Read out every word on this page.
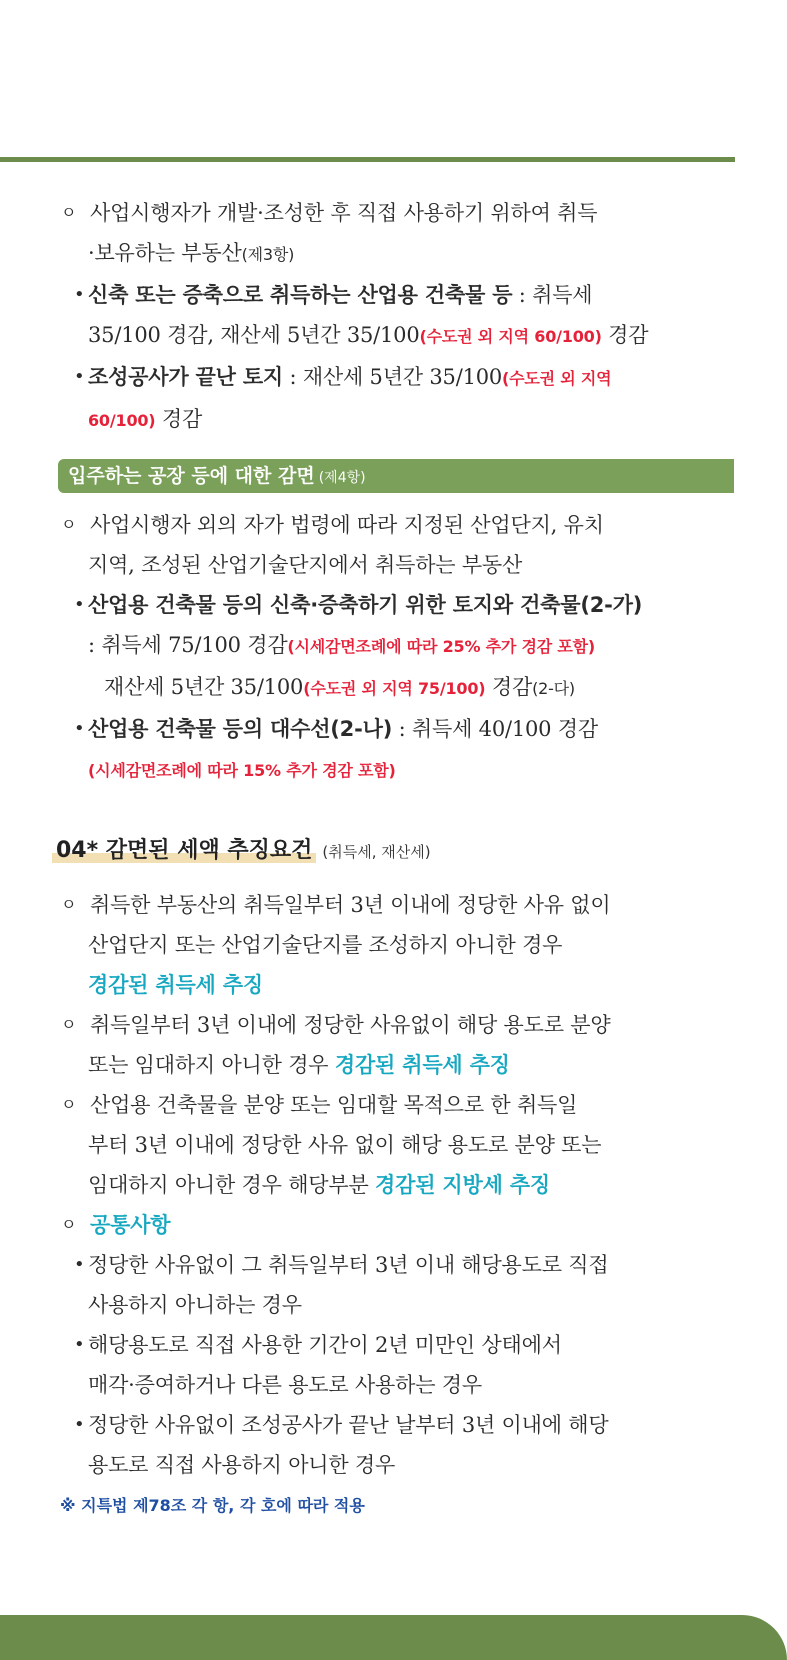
ㅇ 사업시행자가 개발·조성한 후 직접 사용하기 위하여 취득

·보유하는 부동산(제3항)

• 신축 또는 증축으로 취득하는 산업용 건축물 등 : 취득세

35/100 경감, 재산세 5년간 35/100(수도권 외 지역 60/100) 경감

• 조성공사가 끝난 토지 : 재산세 5년간 35/100(수도권 외 지역

60/100) 경감

입주하는 공장 등에 대한 감면 (제4항)

ㅇ 사업시행자 외의 자가 법령에 따라 지정된 산업단지, 유치

지역, 조성된 산업기술단지에서 취득하는 부동산

• 산업용 건축물 등의 신축·증축하기 위한 토지와 건축물(2-가)

: 취득세 75/100 경감(시세감면조례에 따라 25% 추가 경감 포함)

재산세 5년간 35/100(수도권 외 지역 75/100) 경감(2-다)

• 산업용 건축물 등의 대수선(2-나) : 취득세 40/100 경감

(시세감면조례에 따라 15% 추가 경감 포함)

04* 감면된 세액 추징요건 (취득세, 재산세)

ㅇ 취득한 부동산의 취득일부터 3년 이내에 정당한 사유 없이

산업단지 또는 산업기술단지를 조성하지 아니한 경우

경감된 취득세 추징

ㅇ 취득일부터 3년 이내에 정당한 사유없이 해당 용도로 분양

또는 임대하지 아니한 경우 경감된 취득세 추징

ㅇ 산업용 건축물을 분양 또는 임대할 목적으로 한 취득일

부터 3년 이내에 정당한 사유 없이 해당 용도로 분양 또는

임대하지 아니한 경우 해당부분 경감된 지방세 추징

ㅇ 공통사항

• 정당한 사유없이 그 취득일부터 3년 이내 해당용도로 직접

사용하지 아니하는 경우

• 해당용도로 직접 사용한 기간이 2년 미만인 상태에서

매각·증여하거나 다른 용도로 사용하는 경우

• 정당한 사유없이 조성공사가 끝난 날부터 3년 이내에 해당

용도로 직접 사용하지 아니한 경우

※ 지특법 제78조 각 항, 각 호에 따라 적용
